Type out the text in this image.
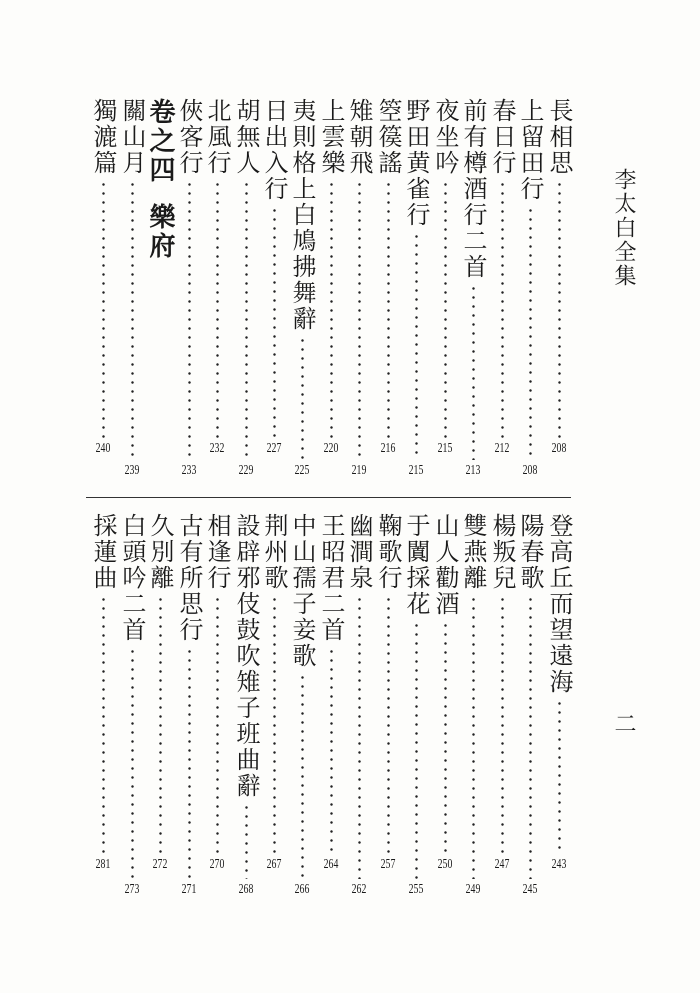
李太白全集
二
長相思
208
上留田行
208
春日行
212
前有樽酒行二首
213
夜坐吟
215
野田黄雀行
215
箜篌謠
216
雉朝飛
219
上雲樂
220
夷則格上白鳩拂舞辭
225
日出入行
227
胡無人
229
北風行
232
俠客行
233
卷之四樂府
關山月
239
獨漉篇
240
登高丘而望遠海
243
陽春歌
245
楊叛兒
247
雙燕離
249
山人勸酒
250
于闐採花
255
鞠歌行
257
幽澗泉
262
王昭君二首
264
中山孺子妾歌
266
荆州歌
267
設辟邪伎鼓吹雉子班曲辭
268
相逢行
270
古有所思行
271
久別離
272
白頭吟二首
273
採蓮曲
281
